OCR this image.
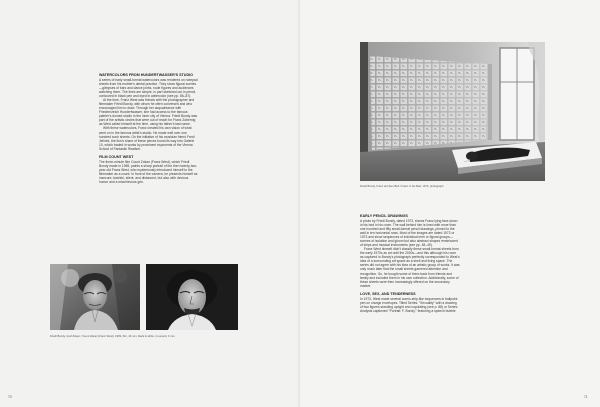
WATERCOLORS FROM HUNDERTWASSER'S STUDIO

A series of early small-format watercolors was rendered on notepad sheets from his mother's dental practice. They show figural scenes—glimpses of bars and dance joints, nude figures and audiences watching them. The lines are simple, in part sketched out in pencil, contoured in black pen and dyed in watercolor (see pp. 86–87).

At the time, Franz West was friends with the photographer and filmmaker Friedl Bondy, with whom he often conversed and who encouraged him to draw. Through her acquaintance with Friedensreich Hundertwasser, she had access to the famous painter's domed studio in the inner city of Vienna. Friedl Bondy was part of the artistic circles that were out of reach for Franz Zobernig as West called himself at the time, using his father's last name.

With these watercolors, Franz created his own vision of what went on in the famous artist's studio. He made well over one hundred such sheets. On the initiative of his musician friend Fredi Jelinek, the lion's share of these pieces found its way into Galerie 10, which traded in works by prominent exponents of the Vienna School of Fantastic Realism.

FILM COUNT WEST

The three-minute film Count Zokan (Franz West), which Friedl Bondy made in 1969, paints a sharp portrait of the then twenty-two-year-old Franz West, who mysteriously introduced himself to the filmmaker as a count. In front of the camera, he presents himself as insecure, bashful, silent, and distanced, but also with devious humor and a mischievous grin.

Friedl Bondy, Graf Zokan / Count Zokan (Franz West), 1969, film, 16 mm, black & white, no sound, 3 min.
70
Friedl Bondy, Franz auf dem Bett / Franz in his Bed, 1973, photograph
EARLY PENCIL DRAWINGS

A photo by Friedl Bondy, dated 1973, shows Franz lying face-down in his bed in his room. The wall behind him is lined with more than one hundred and fifty small-format pencil drawings, pinned to the wall in ten horizontal rows. Most of the images are dated 1972 or 1973 and show sequences of individual men or figural groups—scenes of isolation and gloom but also abstract shapes reminiscent of ships and musical instruments (see pp. 48–49).

Franz West himself didn't classify these small-format sheets from the early 1970s as art until the 2000s—and this although his room as captured in Bondy's photograph perfectly corresponded to West's idea of a surrounding art space as a shell and living space. The series did not agree with his idea of an artistic group of works. It was only much later that the small sheets garnered attention and recognition. So, he bought some of them back from friends and family and included them in his own collection. Additionally, some of these sheets were then increasingly offered on the secondary market.

LOVE, SEX, AND TENDERNESS

In 1973, West made several comic-strip-like sequences in ballpoint pen on orange envelopes. Titled Series: "Sexuality" with a drawing of two figures standing upright and copulating (see p. 88) or Series: Analysis captioned "Portrait: F. Bondy," featuring a speech bubble

71
